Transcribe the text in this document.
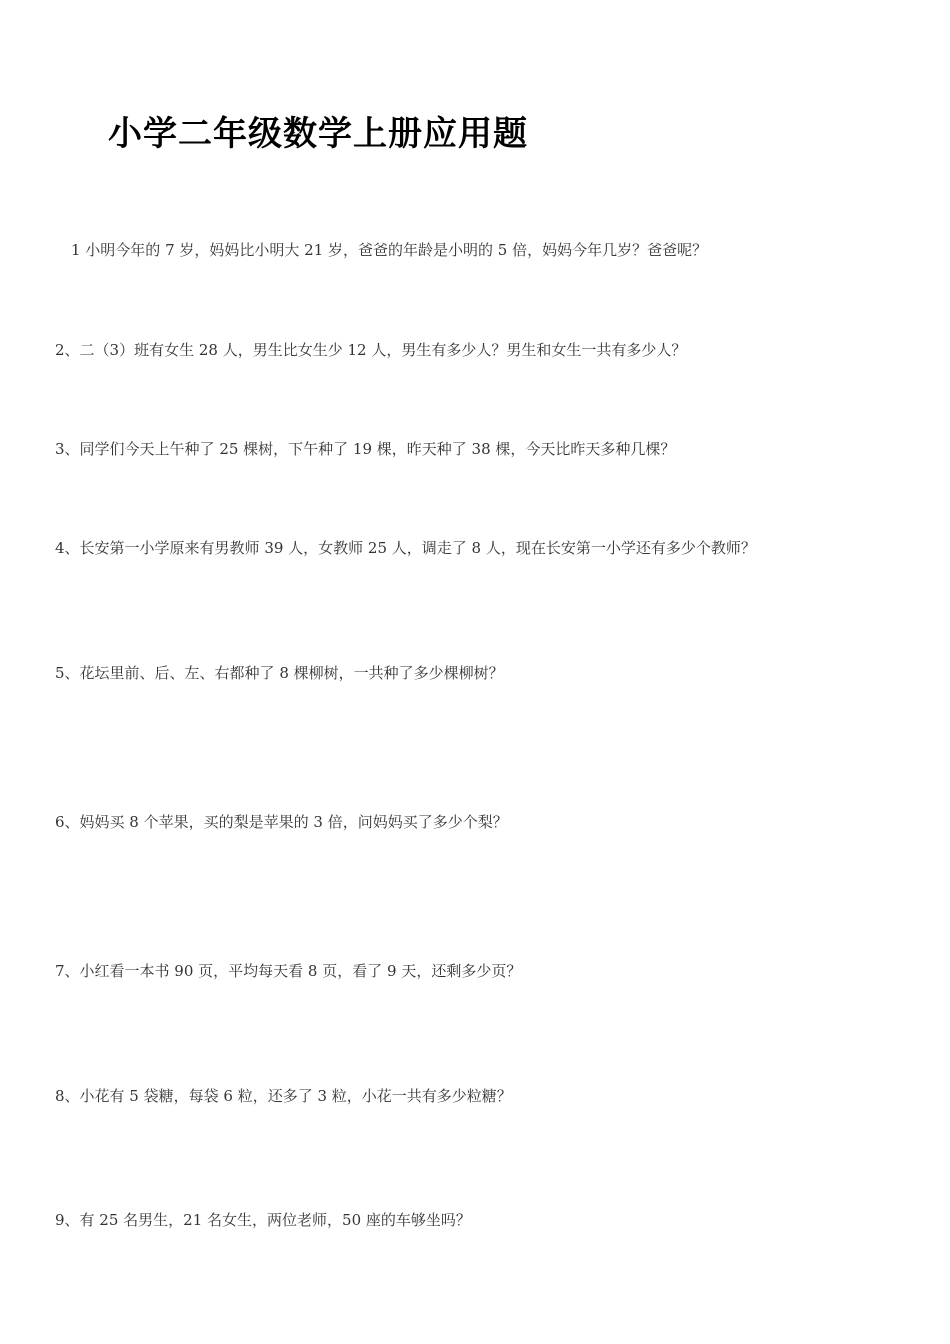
小学二年级数学上册应用题

1 小明今年的 7 岁，妈妈比小明大 21 岁，爸爸的年龄是小明的 5 倍，妈妈今年几岁？爸爸呢？

2、二（3）班有女生 28 人，男生比女生少 12 人，男生有多少人？男生和女生一共有多少人？

3、同学们今天上午种了 25 棵树，下午种了 19 棵，昨天种了 38 棵，今天比昨天多种几棵？

4、长安第一小学原来有男教师 39 人，女教师 25 人，调走了 8 人，现在长安第一小学还有多少个教师？

5、花坛里前、后、左、右都种了 8 棵柳树，一共种了多少棵柳树？

6、妈妈买 8 个苹果，买的梨是苹果的 3 倍，问妈妈买了多少个梨？

7、小红看一本书 90 页，平均每天看 8 页，看了 9 天，还剩多少页？

8、小花有 5 袋糖，每袋 6 粒，还多了 3 粒，小花一共有多少粒糖？

9、有 25 名男生，21 名女生，两位老师，50 座的车够坐吗？
